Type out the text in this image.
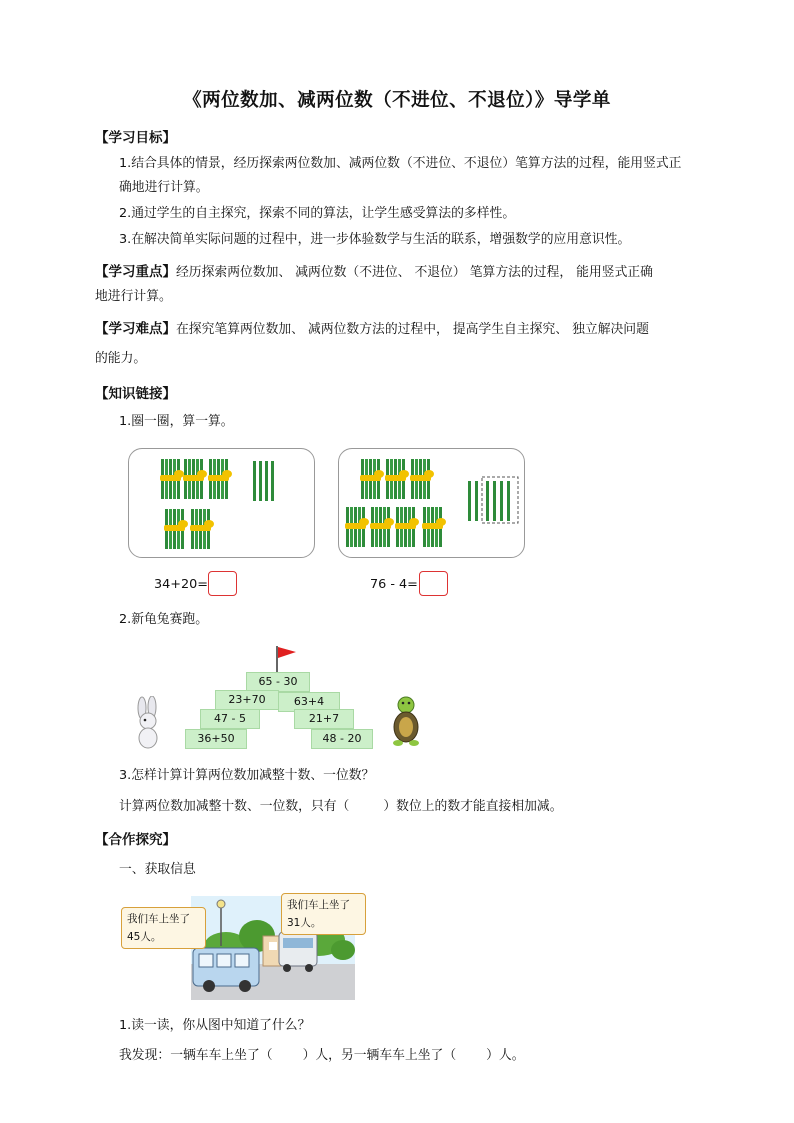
《两位数加、减两位数（不进位、不退位）》导学单
【学习目标】
1.结合具体的情景，经历探索两位数加、减两位数（不进位、不退位）笔算方法的过程，能用竖式正
确地进行计算。
2.通过学生的自主探究，探索不同的算法，让学生感受算法的多样性。
3.在解决简单实际问题的过程中，进一步体验数学与生活的联系，增强数学的应用意识性。
【学习重点】经历探索两位数加、 减两位数（不进位、 不退位） 笔算方法的过程， 能用竖式正确
地进行计算。
【学习难点】在探究笔算两位数加、 减两位数方法的过程中， 提高学生自主探究、 独立解决问题
的能力。
【知识链接】
1.圈一圈，算一算。
34+20=	76 - 4=
2.新龟兔赛跑。
65 - 30
23+70	63+4
47 - 5	21+7
36+50	48 - 20
3.怎样计算计算两位数加减整十数、一位数？
计算两位数加减整十数、一位数，只有（	）数位上的数才能直接相加减。
【合作探究】
一、获取信息
我们车上坐了
45人。
我们车上坐了
31人。
1.读一读，你从图中知道了什么？
我发现：一辆车车上坐了（ ）人，另一辆车车上坐了（ ）人。
